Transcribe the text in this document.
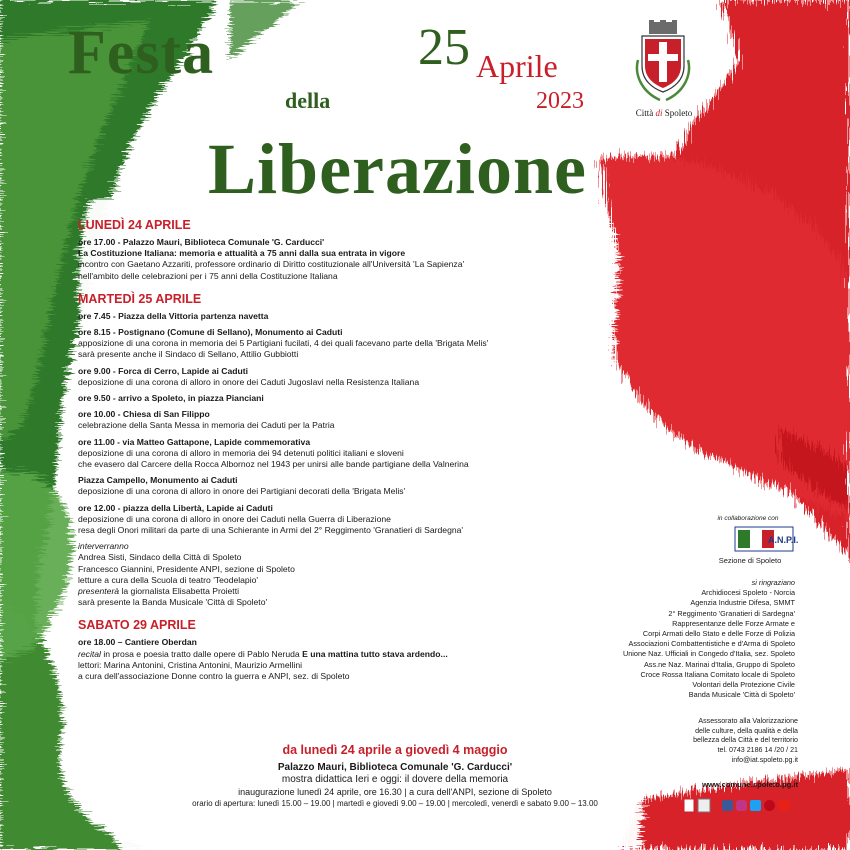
Festa
della
Liberazione
25 Aprile
2023	Città di Spoleto
LUNEDÌ 24 APRILE
ore 17.00 - Palazzo Mauri, Biblioteca Comunale 'G. Carducci'
La Costituzione Italiana: memoria e attualità a 75 anni dalla sua entrata in vigore
incontro con Gaetano Azzariti, professore ordinario di Diritto costituzionale all'Università 'La Sapienza'
nell'ambito delle celebrazioni per i 75 anni della Costituzione Italiana
MARTEDÌ 25 APRILE
ore 7.45 - Piazza della Vittoria partenza navetta
ore 8.15 - Postignano (Comune di Sellano), Monumento ai Caduti
apposizione di una corona in memoria dei 5 Partigiani fucilati, 4 dei quali facevano parte della 'Brigata Melis'
sarà presente anche il Sindaco di Sellano, Attilio Gubbiotti
ore 9.00 - Forca di Cerro, Lapide ai Caduti
deposizione di una corona di alloro in onore dei Caduti Jugoslavi nella Resistenza Italiana
ore 9.50 - arrivo a Spoleto, in piazza Pianciani
ore 10.00 - Chiesa di San Filippo
celebrazione della Santa Messa in memoria dei Caduti per la Patria
ore 11.00 - via Matteo Gattapone, Lapide commemorativa
deposizione di una corona di alloro in memoria dei 94 detenuti politici italiani e sloveni
che evasero dal Carcere della Rocca Albornoz nel 1943 per unirsi alle bande partigiane della Valnerina
Piazza Campello, Monumento ai Caduti
deposizione di una corona di alloro in onore dei Partigiani decorati della 'Brigata Melis'
ore 12.00 - piazza della Libertà, Lapide ai Caduti
deposizione di una corona di alloro in onore dei Caduti nella Guerra di Liberazione
resa degli Onori militari da parte di una Schierante in Armi del 2° Reggimento 'Granatieri di Sardegna'
interverranno
Andrea Sisti, Sindaco della Città di Spoleto
Francesco Giannini, Presidente ANPI, sezione di Spoleto
letture a cura della Scuola di teatro 'Teodelapio'
presenterà la giornalista Elisabetta Proietti
sarà presente la Banda Musicale 'Città di Spoleto'
SABATO 29 APRILE
ore 18.00 – Cantiere Oberdan
recital in prosa e poesia tratto dalle opere di Pablo Neruda E una mattina tutto stava ardendo...
lettori: Marina Antonini, Cristina Antonini, Maurizio Armellini
a cura dell'associazione Donne contro la guerra e ANPI, sez. di Spoleto
in collaborazione con
A.N.P.I.
Sezione di Spoleto
si ringraziano
Archidiocesi Spoleto - Norcia
Agenzia Industrie Difesa, SMMT
2° Reggimento 'Granatieri di Sardegna'
Rappresentanze delle Forze Armate e
Corpi Armati dello Stato e delle Forze di Polizia
Associazioni Combattentistiche e d'Arma di Spoleto
Unione Naz. Ufficiali in Congedo d'Italia, sez. Spoleto
Ass.ne Naz. Marinai d'Italia, Gruppo di Spoleto
Croce Rossa Italiana Comitato locale di Spoleto
Volontari della Protezione Civile
Banda Musicale 'Città di Spoleto'
Assessorato alla Valorizzazione
delle culture, della qualità e della
bellezza della Città e del territorio
tel. 0743 2186 14 /20 / 21
info@iat.spoleto.pg.it
www.comune.spoleto.pg.it
da lunedì 24 aprile a giovedì 4 maggio
Palazzo Mauri, Biblioteca Comunale 'G. Carducci'
mostra didattica Ieri e oggi: il dovere della memoria
inaugurazione lunedì 24 aprile, ore 16.30 | a cura dell'ANPI, sezione di Spoleto
orario di apertura: lunedì 15.00 – 19.00 | martedì e giovedì 9.00 – 19.00 | mercoledì, venerdì e sabato 9.00 – 13.00
